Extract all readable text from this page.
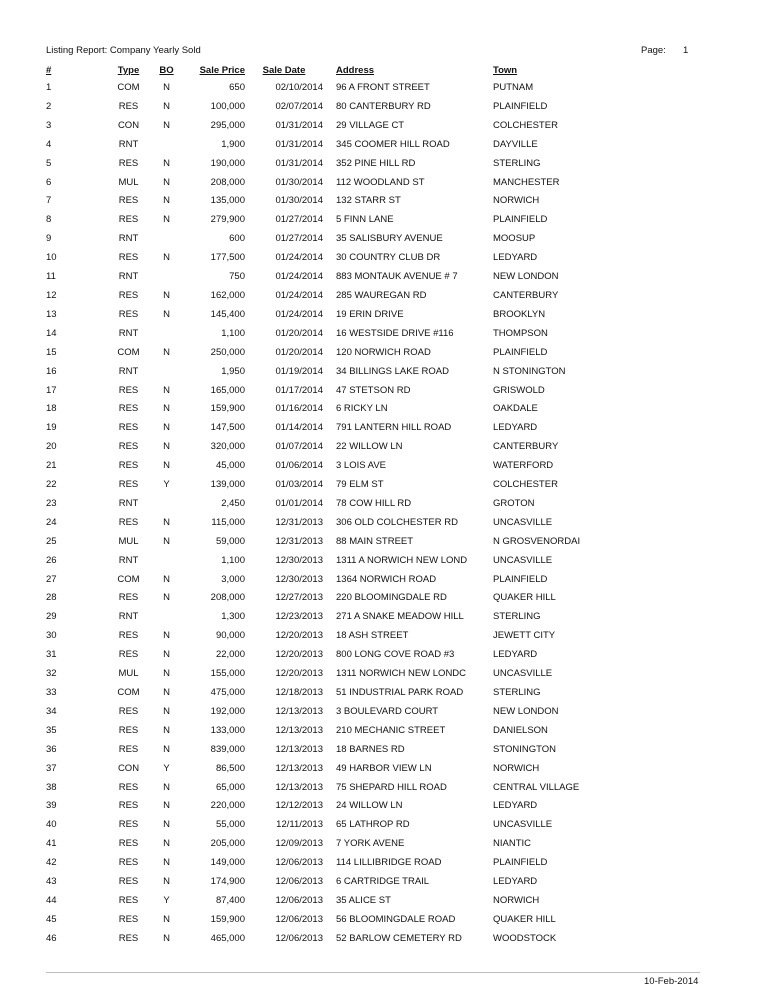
Listing Report: Company Yearly Sold	Page: 1
	#	Type	BO	Sale Price	Sale Date		Address		Town	
	1	COM	N	650	02/10/2014		96 A FRONT STREET		PUTNAM	
	2	RES	N	100,000	02/07/2014		80 CANTERBURY RD		PLAINFIELD	
	3	CON	N	295,000	01/31/2014		29 VILLAGE CT		COLCHESTER	
	4	RNT		1,900	01/31/2014		345 COOMER HILL ROAD		DAYVILLE	
	5	RES	N	190,000	01/31/2014		352 PINE HILL RD		STERLING	
	6	MUL	N	208,000	01/30/2014		112 WOODLAND ST		MANCHESTER	
	7	RES	N	135,000	01/30/2014		132 STARR ST		NORWICH	
	8	RES	N	279,900	01/27/2014		5 FINN LANE		PLAINFIELD	
	9	RNT		600	01/27/2014		35 SALISBURY AVENUE		MOOSUP	
	10	RES	N	177,500	01/24/2014		30 COUNTRY CLUB DR		LEDYARD	
	11	RNT		750	01/24/2014		883 MONTAUK AVENUE # 7		NEW LONDON	
	12	RES	N	162,000	01/24/2014		285 WAUREGAN RD		CANTERBURY	
	13	RES	N	145,400	01/24/2014		19 ERIN DRIVE		BROOKLYN	
	14	RNT		1,100	01/20/2014		16 WESTSIDE DRIVE #116		THOMPSON	
	15	COM	N	250,000	01/20/2014		120 NORWICH ROAD		PLAINFIELD	
	16	RNT		1,950	01/19/2014		34 BILLINGS LAKE ROAD		N STONINGTON	
	17	RES	N	165,000	01/17/2014		47 STETSON RD		GRISWOLD	
	18	RES	N	159,900	01/16/2014		6 RICKY LN		OAKDALE	
	19	RES	N	147,500	01/14/2014		791 LANTERN HILL ROAD		LEDYARD	
	20	RES	N	320,000	01/07/2014		22 WILLOW LN		CANTERBURY	
	21	RES	N	45,000	01/06/2014		3 LOIS AVE		WATERFORD	
	22	RES	Y	139,000	01/03/2014		79 ELM ST		COLCHESTER	
	23	RNT		2,450	01/01/2014		78 COW HILL RD		GROTON	
	24	RES	N	115,000	12/31/2013		306 OLD COLCHESTER RD		UNCASVILLE	
	25	MUL	N	59,000	12/31/2013		88 MAIN STREET		N GROSVENORDAI	
	26	RNT		1,100	12/30/2013		1311 A NORWICH NEW LOND		UNCASVILLE	
	27	COM	N	3,000	12/30/2013		1364 NORWICH ROAD		PLAINFIELD	
	28	RES	N	208,000	12/27/2013		220 BLOOMINGDALE RD		QUAKER HILL	
	29	RNT		1,300	12/23/2013		271 A SNAKE MEADOW HILL		STERLING	
	30	RES	N	90,000	12/20/2013		18 ASH STREET		JEWETT CITY	
	31	RES	N	22,000	12/20/2013		800 LONG COVE ROAD #3		LEDYARD	
	32	MUL	N	155,000	12/20/2013		1311 NORWICH NEW LONDC		UNCASVILLE	
	33	COM	N	475,000	12/18/2013		51 INDUSTRIAL PARK ROAD		STERLING	
	34	RES	N	192,000	12/13/2013		3 BOULEVARD COURT		NEW LONDON	
	35	RES	N	133,000	12/13/2013		210 MECHANIC STREET		DANIELSON	
	36	RES	N	839,000	12/13/2013		18 BARNES RD		STONINGTON	
	37	CON	Y	86,500	12/13/2013		49 HARBOR VIEW LN		NORWICH	
	38	RES	N	65,000	12/13/2013		75 SHEPARD HILL ROAD		CENTRAL VILLAGE	
	39	RES	N	220,000	12/12/2013		24 WILLOW LN		LEDYARD	
	40	RES	N	55,000	12/11/2013		65 LATHROP RD		UNCASVILLE	
	41	RES	N	205,000	12/09/2013		7 YORK AVENE		NIANTIC	
	42	RES	N	149,000	12/06/2013		114 LILLIBRIDGE ROAD		PLAINFIELD	
	43	RES	N	174,900	12/06/2013		6 CARTRIDGE TRAIL		LEDYARD	
	44	RES	Y	87,400	12/06/2013		35 ALICE ST		NORWICH	
	45	RES	N	159,900	12/06/2013		56 BLOOMINGDALE ROAD		QUAKER HILL	
	46	RES	N	465,000	12/06/2013		52 BARLOW CEMETERY RD		WOODSTOCK	
10-Feb-2014
